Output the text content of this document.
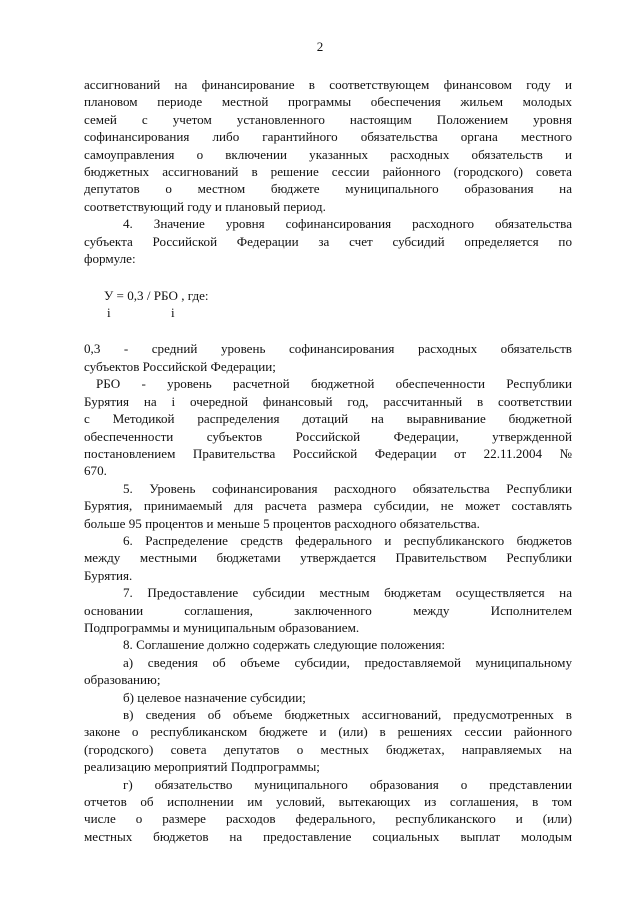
2

ассигнований на финансирование в соответствующем финансовом году и

плановом периоде местной программы обеспечения жильем молодых

семей с учетом установленного настоящим Положением уровня

софинансирования либо гарантийного обязательства органа местного

самоуправления о включении указанных расходных обязательств и

бюджетных ассигнований в решение сессии районного (городского) совета

депутатов о местном бюджете муниципального образования на

соответствующий году и плановый период.

4. Значение уровня софинансирования расходного обязательства

субъекта Российской Федерации за счет субсидий определяется по

формуле:

У = 0,3 / РБО , где:
i	i

0,3 - средний уровень софинансирования расходных обязательств

субъектов Российской Федерации;

РБО - уровень расчетной бюджетной обеспеченности Республики

Бурятия на i очередной финансовый год, рассчитанный в соответствии

с Методикой распределения дотаций на выравнивание бюджетной

обеспеченности субъектов Российской Федерации, утвержденной

постановлением Правительства Российской Федерации от 22.11.2004 №

670.

5. Уровень софинансирования расходного обязательства Республики

Бурятия, принимаемый для расчета размера субсидии, не может составлять

больше 95 процентов и меньше 5 процентов расходного обязательства.

6. Распределение средств федерального и республиканского бюджетов

между местными бюджетами утверждается Правительством Республики

Бурятия.

7. Предоставление субсидии местным бюджетам осуществляется на

основании соглашения, заключенного между Исполнителем

Подпрограммы и муниципальным образованием.

8. Соглашение должно содержать следующие положения:

а) сведения об объеме субсидии, предоставляемой муниципальному

образованию;

б) целевое назначение субсидии;

в) сведения об объеме бюджетных ассигнований, предусмотренных в

законе о республиканском бюджете и (или) в решениях сессии районного

(городского) совета депутатов о местных бюджетах, направляемых на

реализацию мероприятий Подпрограммы;

г) обязательство муниципального образования о представлении

отчетов об исполнении им условий, вытекающих из соглашения, в том

числе о размере расходов федерального, республиканского и (или)

местных бюджетов на предоставление социальных выплат молодым
